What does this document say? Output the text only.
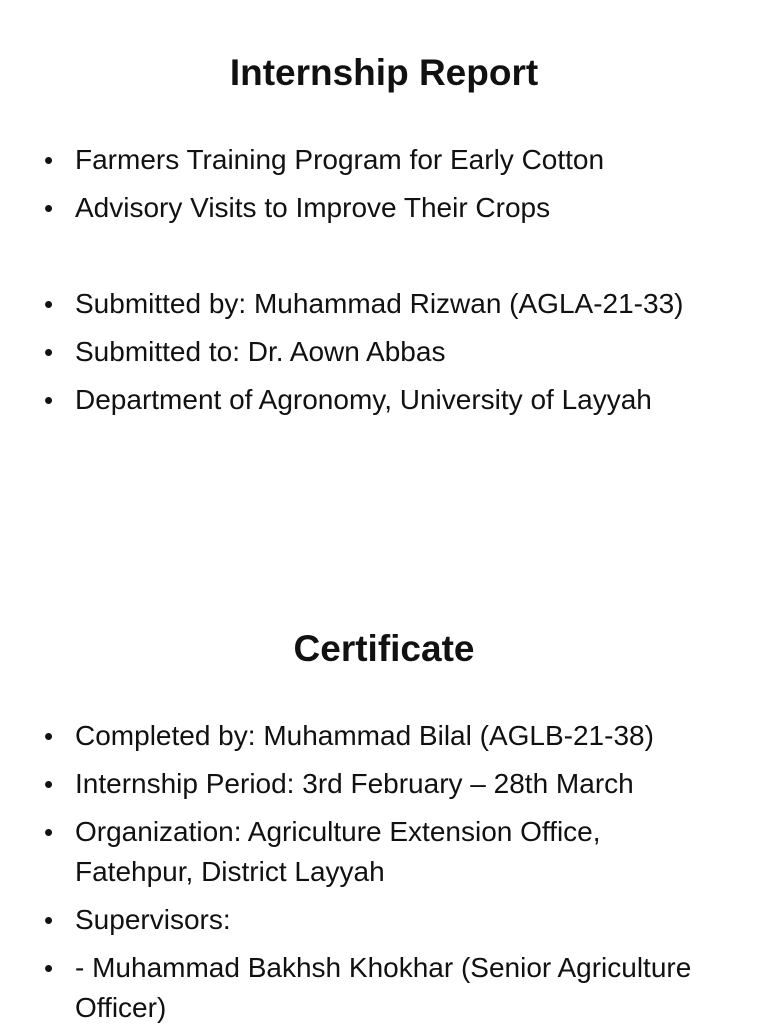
Internship Report
• Farmers Training Program for Early Cotton
• Advisory Visits to Improve Their Crops
• Submitted by: Muhammad Rizwan (AGLA-21-33)
• Submitted to: Dr. Aown Abbas
• Department of Agronomy, University of Layyah
Certificate
• Completed by: Muhammad Bilal (AGLB-21-38)
• Internship Period: 3rd February – 28th March
• Organization: Agriculture Extension Office, Fatehpur, District Layyah
• Supervisors:
• - Muhammad Bakhsh Khokhar (Senior Agriculture Officer)
